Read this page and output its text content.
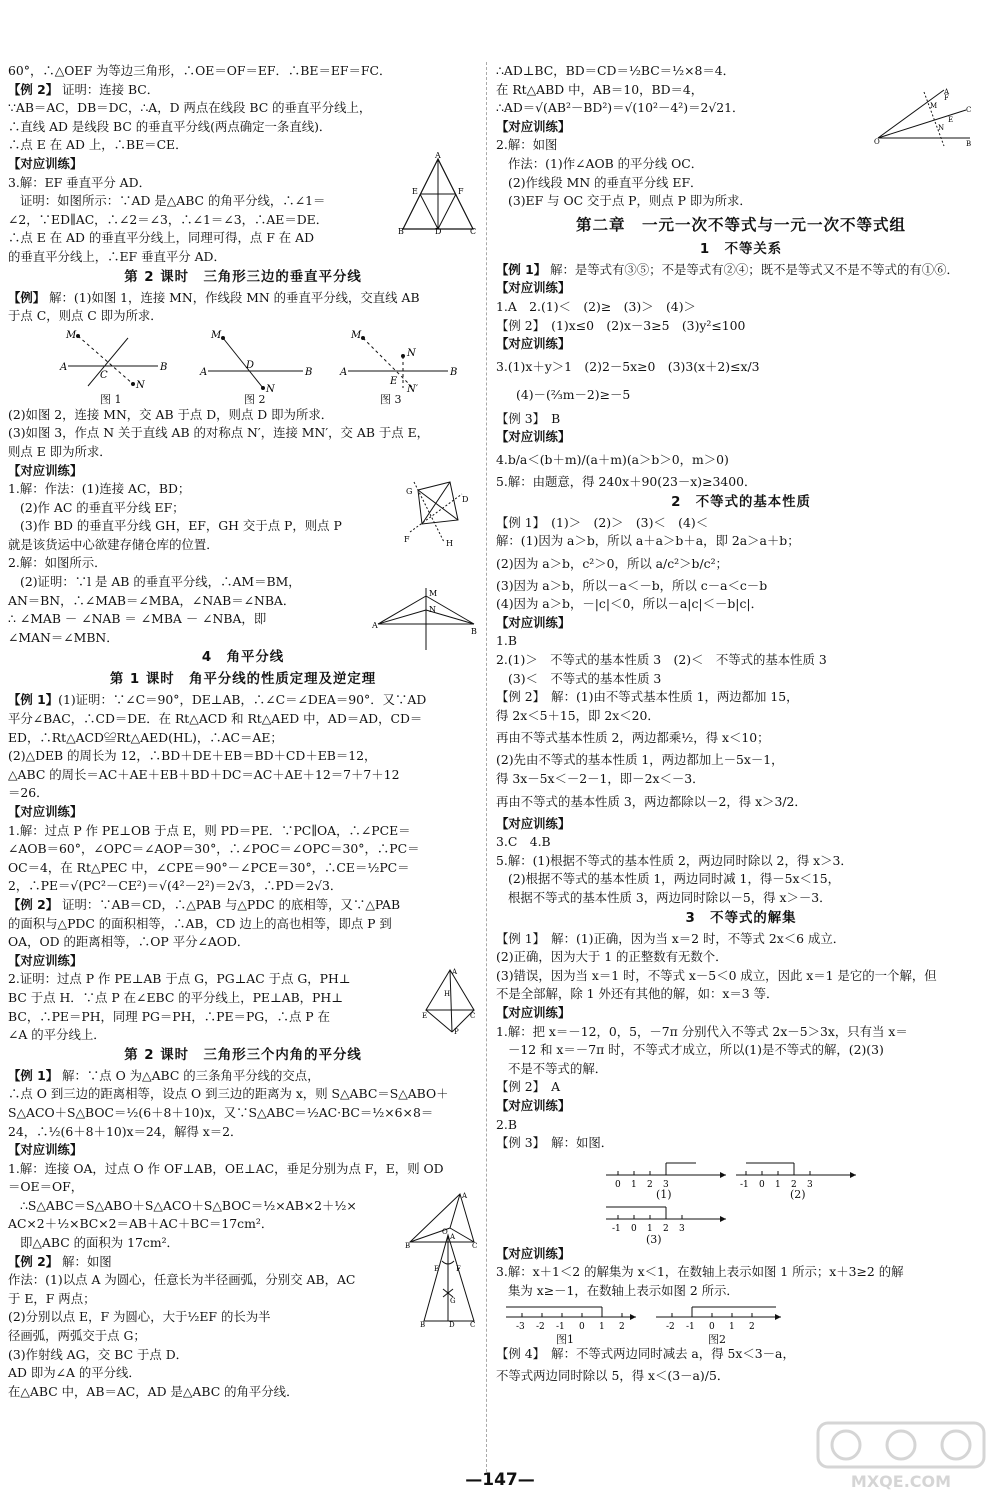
60°，∴△OEF 为等边三角形，∴OE＝OF＝EF．∴BE＝EF＝FC．
【例 2】 证明：连接 BC．
∵AB＝AC，DB＝DC，∴A，D 两点在线段 BC 的垂直平分线上，
∴直线 AD 是线段 BC 的垂直平分线(两点确定一条直线)．
∴点 E 在 AD 上，∴BE＝CE．
【对应训练】
3.解：EF 垂直平分 AD．
证明：如图所示：∵AD 是△ABC 的角平分线，∴∠1＝
∠2，∵ED∥AC，∴∠2＝∠3，∴∠1＝∠3，∴AE＝DE．
∴点 E 在 AD 的垂直平分线上，同理可得，点 F 在 AD
的垂直平分线上，∴EF 垂直平分 AD．
A
B	C
D
E	F
第 2 课时　三角形三边的垂直平分线
【例】 解：(1)如图 1，连接 MN，作线段 MN 的垂直平分线，交直线 AB
于点 C，则点 C 即为所求．
M
N
A	B
C
M
N
A	B
D
M
N
N′
A	B
E
图 1	图 2	图 3
(2)如图 2，连接 MN，交 AB 于点 D，则点 D 即为所求．
(3)如图 3，作点 N 关于直线 AB 的对称点 N′，连接 MN′，交 AB 于点 E，
则点 E 即为所求．
【对应训练】
1.解：作法：(1)连接 AC，BD；
(2)作 AC 的垂直平分线 EF；
(3)作 BD 的垂直平分线 GH，EF，GH 交于点 P，则点 P
就是该货运中心欲建存储仓库的位置．
2.解：如图所示．
(2)证明：∵l 是 AB 的垂直平分线，∴AM＝BM，
AN＝BN，∴∠MAB＝∠MBA，∠NAB＝∠NBA．
∴ ∠MAB － ∠NAB ＝ ∠MBA － ∠NBA，即
∠MAN＝∠MBN．
G
D
F	H
A
B
M
N
4　角平分线
第 1 课时　角平分线的性质定理及逆定理
【例 1】(1)证明：∵∠C＝90°，DE⊥AB，∴∠C＝∠DEA＝90°．又∵AD
平分∠BAC，∴CD＝DE．在 Rt△ACD 和 Rt△AED 中，AD＝AD，CD＝
ED，∴Rt△ACD≌Rt△AED(HL)，∴AC＝AE；
(2)△DEB 的周长为 12，∴BD＋DE＋EB＝BD＋CD＋EB＝12，
△ABC 的周长＝AC＋AE＋EB＋BD＋DC＝AC＋AE＋12＝7＋7＋12
＝26．
【对应训练】
1.解：过点 P 作 PE⊥OB 于点 E，则 PD＝PE．∵PC∥OA，∴∠PCE＝
∠AOB＝60°，∠OPC＝∠AOP＝30°，∴∠POC＝∠OPC＝30°，∴PC＝
OC＝4，在 Rt△PEC 中，∠CPE＝90°－∠PCE＝30°，∴CE＝½PC＝
2，∴PE＝√(PC²－CE²)＝√(4²－2²)＝2√3，∴PD＝2√3．
【例 2】 证明：∵AB＝CD，∴△PAB 与△PDC 的底相等，又∵△PAB
的面积与△PDC 的面积相等，∴AB，CD 边上的高也相等，即点 P 到
OA，OD 的距离相等，∴OP 平分∠AOD．
【对应训练】
2.证明：过点 P 作 PE⊥AB 于点 G，PG⊥AC 于点 G，PH⊥
BC 于点 H．∵点 P 在∠EBC 的平分线上，PE⊥AB，PH⊥
BC，∴PE＝PH，同理 PG＝PH，∴PE＝PG，∴点 P 在
∠A 的平分线上．
A
E	C
P
H
第 2 课时　三角形三个内角的平分线
【例 1】 解：∵点 O 为△ABC 的三条角平分线的交点，
∴点 O 到三边的距离相等，设点 O 到三边的距离为 x，则 S△ABC＝S△ABO＋
S△ACO＋S△BOC＝½(6＋8＋10)x，又∵S△ABC＝½AC·BC＝½×6×8＝
24，∴½(6＋8＋10)x＝24，解得 x＝2．
【对应训练】
1.解：连接 OA，过点 O 作 OF⊥AB，OE⊥AC，垂足分别为点 F，E，则 OD
＝OE＝OF，
∴S△ABC＝S△ABO＋S△ACO＋S△BOC＝½×AB×2＋½×
AC×2＋½×BC×2＝AB＋AC＋BC＝17cm²．
即△ABC 的面积为 17cm²．
A
B	C
O
【例 2】 解：如图
作法：(1)以点 A 为圆心，任意长为半径画弧，分别交 AB，AC
于 E，F 两点；
(2)分别以点 E，F 为圆心，大于½EF 的长为半
径画弧，两弧交于点 G；
(3)作射线 AG，交 BC 于点 D．
AD 即为∠A 的平分线．
在△ABC 中，AB＝AC，AD 是△ABC 的角平分线．
A
B	C
E F
G
D
∴AD⊥BC，BD＝CD＝½BC＝½×8＝4．
在 Rt△ABD 中，AB＝10，BD＝4，
∴AD＝√(AB²－BD²)＝√(10²－4²)＝2√21．
【对应训练】
2.解：如图
作法：(1)作∠AOB 的平分线 OC．
(2)作线段 MN 的垂直平分线 EF．
(3)EF 与 OC 交于点 P，则点 P 即为所求．
A
B
C
O
M
N
E
F
第二章　一元一次不等式与一元一次不等式组
1　不等关系
【例 1】 解：是等式有③⑤；不是等式有②④；既不是等式又不是不等式的有①⑥．
【对应训练】
1.A　2.(1)＜　(2)≥　(3)＞　(4)＞
【例 2】　(1)x≤0　(2)x－3≥5　(3)y²≤100
【对应训练】
3.(1)x＋y＞1　(2)2－5x≥0　(3)3(x＋2)≤x/3
(4)－(⅔m－2)≥－5
【例 3】　B
【对应训练】
4.b/a＜(b＋m)/(a＋m)(a＞b＞0，m＞0)
5.解：由题意，得 240x＋90(23－x)≥3400．
2　不等式的基本性质
【例 1】　(1)＞　(2)＞　(3)＜　(4)＜
解：(1)因为 a＞b，所以 a＋a＞b＋a，即 2a＞a＋b；
(2)因为 a＞b，c²＞0，所以 a/c²＞b/c²；
(3)因为 a＞b，所以－a＜－b，所以 c－a＜c－b
(4)因为 a＞b，－|c|＜0，所以－a|c|＜－b|c|．
【对应训练】
1.B
2.(1)＞　不等式的基本性质 3　(2)＜　不等式的基本性质 3
(3)＜　不等式的基本性质 3
【例 2】　解：(1)由不等式基本性质 1，两边都加 15，
得 2x＜5＋15，即 2x＜20．
再由不等式基本性质 2，两边都乘½，得 x＜10；
(2)先由不等式的基本性质 1，两边都加上－5x－1，
得 3x－5x＜－2－1，即－2x＜－3．
再由不等式的基本性质 3，两边都除以－2，得 x＞3/2．
【对应训练】
3.C　4.B
5.解：(1)根据不等式的基本性质 2，两边同时除以 2，得 x＞3．
(2)根据不等式的基本性质 1，两边同时减 1，得－5x＜15，
根据不等式的基本性质 3，两边同时除以－5，得 x＞－3．
3　不等式的解集
【例 1】　解：(1)正确，因为当 x＝2 时，不等式 2x＜6 成立．
(2)正确，因为大于 1 的正整数有无数个．
(3)错误，因为当 x＝1 时，不等式 x－5＜0 成立，因此 x＝1 是它的一个解，但
不是全部解，除 1 外还有其他的解，如：x＝3 等．
【对应训练】
1.解：把 x＝－12，0，5，－7π 分别代入不等式 2x－5＞3x，只有当 x＝
－12 和 x＝－7π 时，不等式才成立，所以(1)是不等式的解，(2)(3)
不是不等式的解．
【例 2】　A
【对应训练】
2.B
【例 3】　解：如图．
0 1 2 3	-1 0 1 2 3
-1 0 1 2 3
(1)	(2)
(3)
【对应训练】
3.解：x＋1＜2 的解集为 x＜1，在数轴上表示如图 1 所示；x＋3≥2 的解
集为 x≥－1，在数轴上表示如图 2 所示．
-3 -2 -1 0 1 2	-2 -1 0 1 2
图1	图2
【例 4】　解：不等式两边同时减去 a，得 5x＜3－a，
不等式两边同时除以 5，得 x＜(3－a)/5．
—147—	MXQE.COM
